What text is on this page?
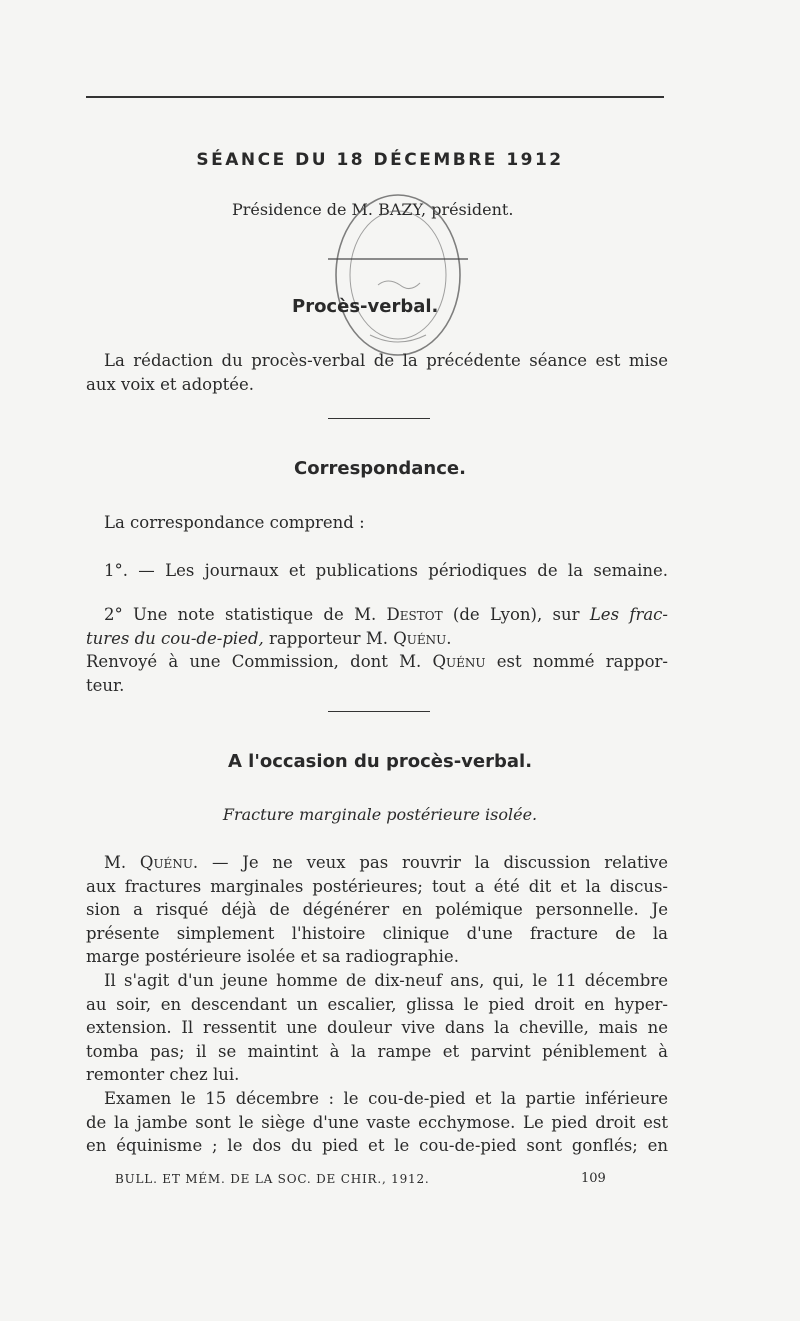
SÉANCE DU 18 DÉCEMBRE 1912
Présidence de M. BAZY, président.
Procès-verbal.
La rédaction du procès-verbal de la précédente séance est mise
aux voix et adoptée.
Correspondance.
La correspondance comprend :
1°. — Les journaux et publications périodiques de la semaine.
2° Une note statistique de M. Destot (de Lyon), sur Les frac-
tures du cou-de-pied, rapporteur M. Quénu.
Renvoyé à une Commission, dont M. Quénu est nommé rappor-
teur.
A l'occasion du procès-verbal.
Fracture marginale postérieure isolée.
M. Quénu. — Je ne veux pas rouvrir la discussion relative
aux fractures marginales postérieures; tout a été dit et la discus-
sion a risqué déjà de dégénérer en polémique personnelle. Je
présente simplement l'histoire clinique d'une fracture de la
marge postérieure isolée et sa radiographie.
Il s'agit d'un jeune homme de dix-neuf ans, qui, le 11 décembre
au soir, en descendant un escalier, glissa le pied droit en hyper-
extension. Il ressentit une douleur vive dans la cheville, mais ne
tomba pas; il se maintint à la rampe et parvint péniblement à
remonter chez lui.
Examen le 15 décembre : le cou-de-pied et la partie inférieure
de la jambe sont le siège d'une vaste ecchymose. Le pied droit est
en équinisme ; le dos du pied et le cou-de-pied sont gonflés; en
BULL. ET MÉM. DE LA SOC. DE CHIR., 1912.	109
